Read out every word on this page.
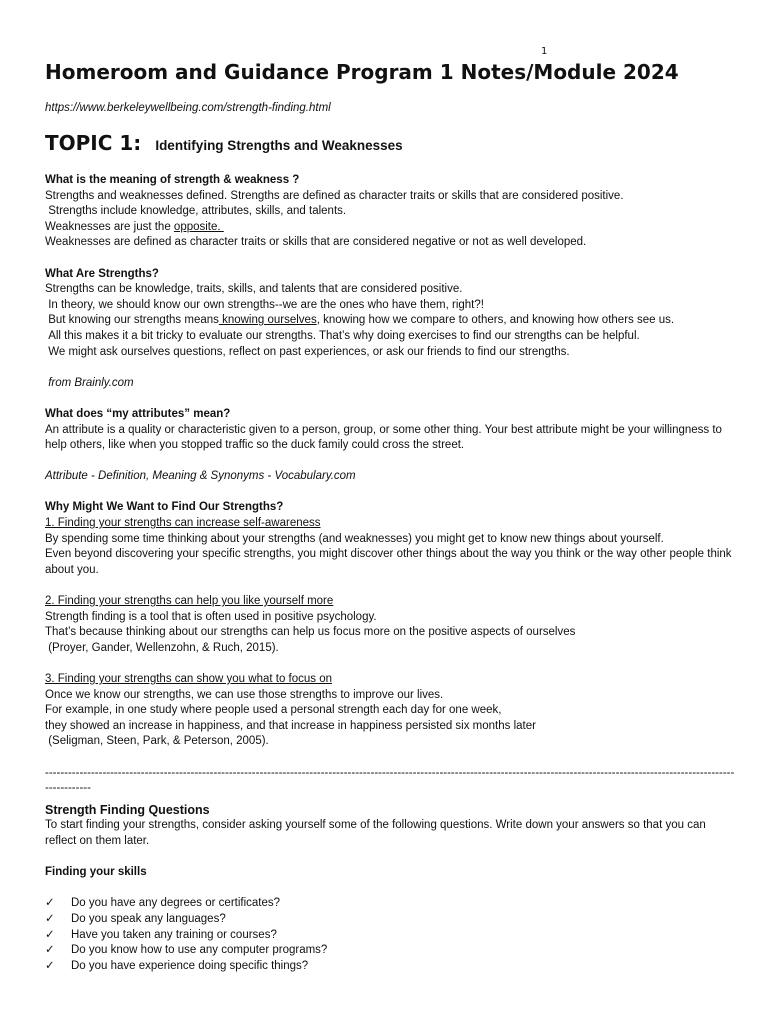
1
Homeroom and Guidance Program 1 Notes/Module 2024
https://www.berkeleywellbeing.com/strength-finding.html
TOPIC 1: Identifying Strengths and Weaknesses

What is the meaning of strength & weakness ?

Strengths and weaknesses defined. Strengths are defined as character traits or skills that are considered positive.

Strengths include knowledge, attributes, skills, and talents.

Weaknesses are just the opposite.

Weaknesses are defined as character traits or skills that are considered negative or not as well developed.

What Are Strengths?

Strengths can be knowledge, traits, skills, and talents that are considered positive.

In theory, we should know our own strengths--we are the ones who have them, right?!

But knowing our strengths means knowing ourselves, knowing how we compare to others, and knowing how others see us.

All this makes it a bit tricky to evaluate our strengths. That’s why doing exercises to find our strengths can be helpful.

We might ask ourselves questions, reflect on past experiences, or ask our friends to find our strengths.

from Brainly.com

What does “my attributes” mean?

An attribute is a quality or characteristic given to a person, group, or some other thing. Your best attribute might be your willingness to help others, like when you stopped traffic so the duck family could cross the street.

Attribute - Definition, Meaning & Synonyms - Vocabulary.com

Why Might We Want to Find Our Strengths?

1. Finding your strengths can increase self-awareness

By spending some time thinking about your strengths (and weaknesses) you might get to know new things about yourself.

Even beyond discovering your specific strengths, you might discover other things about the way you think or the way other people think about you.

2. Finding your strengths can help you like yourself more

Strength finding is a tool that is often used in positive psychology.

That’s because thinking about our strengths can help us focus more on the positive aspects of ourselves

(Proyer, Gander, Wellenzohn, & Ruch, 2015).

3. Finding your strengths can show you what to focus on

Once we know our strengths, we can use those strengths to improve our lives.

For example, in one study where people used a personal strength each day for one week,

they showed an increase in happiness, and that increase in happiness persisted six months later

(Seligman, Steen, Park, & Peterson, 2005).

------------------------------------------------------------------------------------------------------------------------------------------------------------------------------------------------

Strength Finding Questions

To start finding your strengths, consider asking yourself some of the following questions. Write down your answers so that you can reflect on them later.

Finding your skills

✓	Do you have any degrees or certificates?
✓	Do you speak any languages?
✓	Have you taken any training or courses?
✓	Do you know how to use any computer programs?
✓	Do you have experience doing specific things?
